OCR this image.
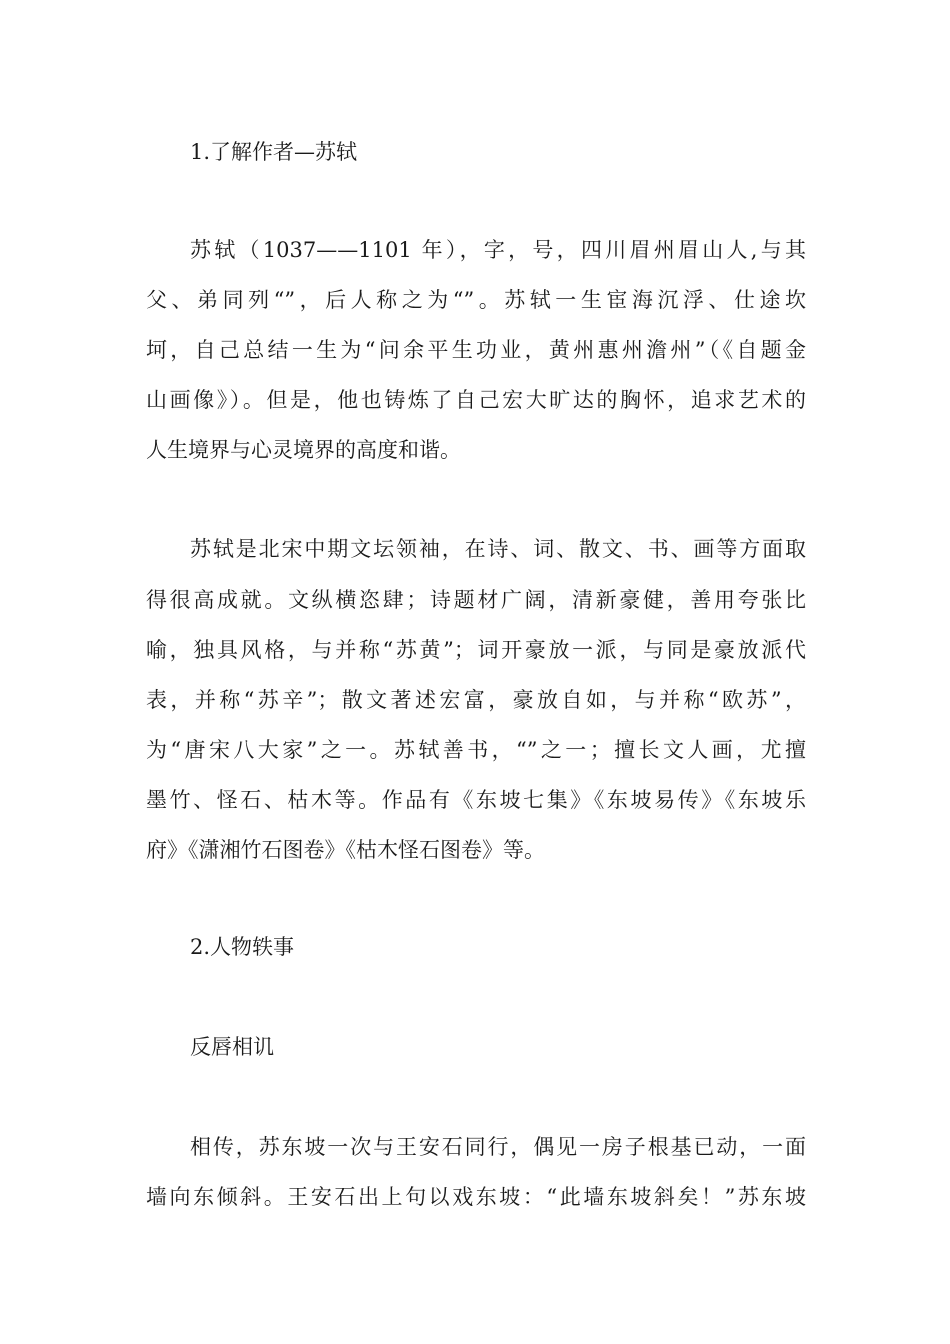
1.了解作者—苏轼
苏轼（1037——1101 年），字，号，四川眉州眉山人,与其
父、弟同列“”，后人称之为“”。苏轼一生宦海沉浮、仕途坎
坷，自己总结一生为“问余平生功业，黄州惠州澹州”（《自题金
山画像》）。但是，他也铸炼了自己宏大旷达的胸怀，追求艺术的
人生境界与心灵境界的高度和谐。
苏轼是北宋中期文坛领袖，在诗、词、散文、书、画等方面取
得很高成就。文纵横恣肆；诗题材广阔，清新豪健，善用夸张比
喻，独具风格，与并称“苏黄”；词开豪放一派，与同是豪放派代
表，并称“苏辛”；散文著述宏富，豪放自如，与并称“欧苏”，
为“唐宋八大家”之一。苏轼善书，“”之一；擅长文人画，尤擅
墨竹、怪石、枯木等。作品有《东坡七集》《东坡易传》《东坡乐
府》《潇湘竹石图卷》《枯木怪石图卷》等。
2.人物轶事
反唇相讥
相传，苏东坡一次与王安石同行，偶见一房子根基已动，一面
墙向东倾斜。王安石出上句以戏东坡：“此墙东坡斜矣！”苏东坡
